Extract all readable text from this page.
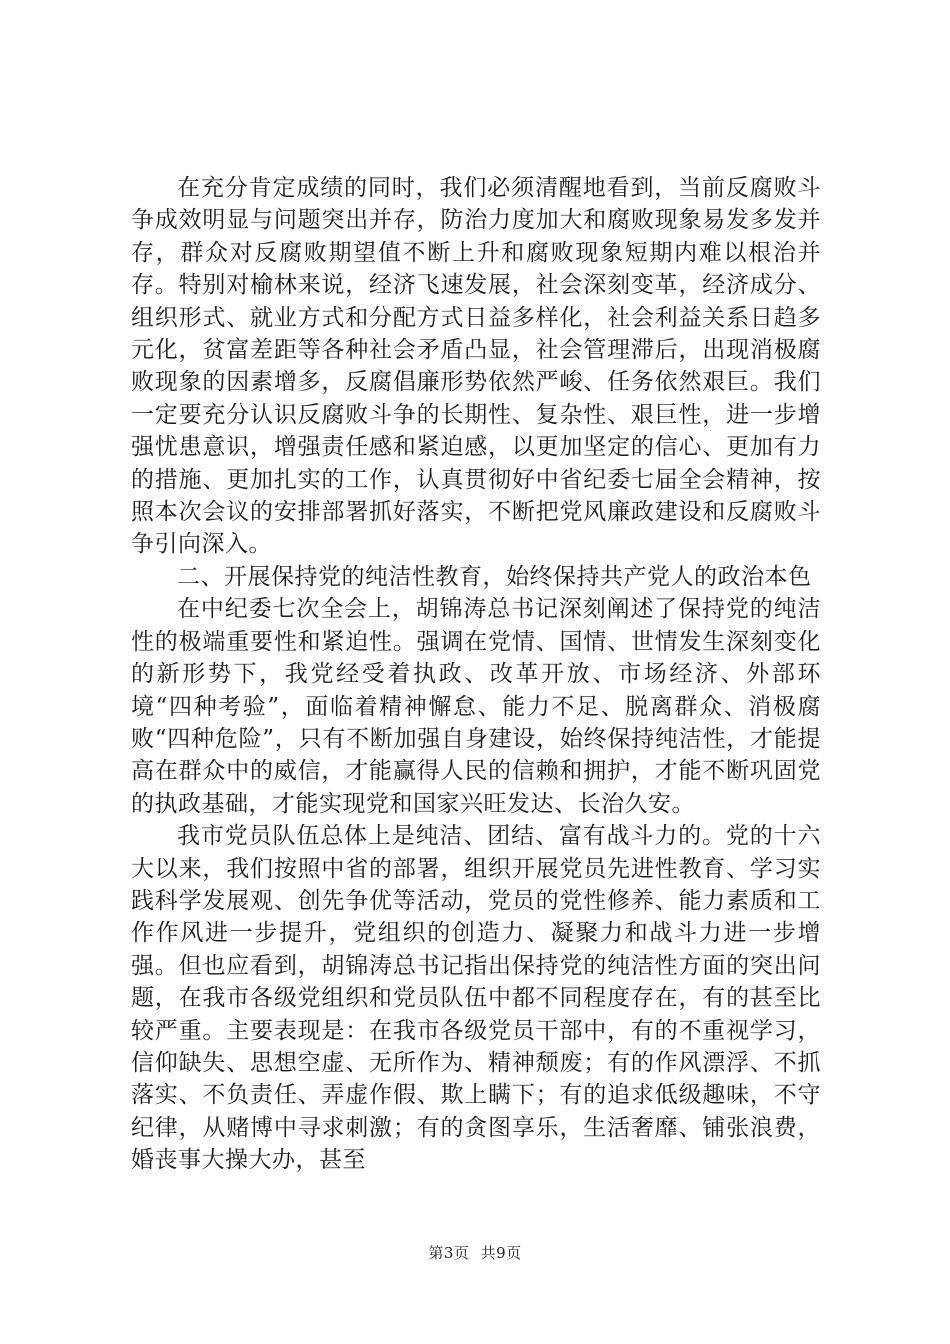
在充分肯定成绩的同时，我们必须清醒地看到，当前反腐败斗争成效明显与问题突出并存，防治力度加大和腐败现象易发多发并存，群众对反腐败期望值不断上升和腐败现象短期内难以根治并存。特别对榆林来说，经济飞速发展，社会深刻变革，经济成分、组织形式、就业方式和分配方式日益多样化，社会利益关系日趋多元化，贫富差距等各种社会矛盾凸显，社会管理滞后，出现消极腐败现象的因素增多，反腐倡廉形势依然严峻、任务依然艰巨。我们一定要充分认识反腐败斗争的长期性、复杂性、艰巨性，进一步增强忧患意识，增强责任感和紧迫感，以更加坚定的信心、更加有力的措施、更加扎实的工作，认真贯彻好中省纪委七届全会精神，按照本次会议的安排部署抓好落实，不断把党风廉政建设和反腐败斗争引向深入。

二、开展保持党的纯洁性教育，始终保持共产党人的政治本色

在中纪委七次全会上，胡锦涛总书记深刻阐述了保持党的纯洁性的极端重要性和紧迫性。强调在党情、国情、世情发生深刻变化的新形势下，我党经受着执政、改革开放、市场经济、外部环境“四种考验”，面临着精神懈怠、能力不足、脱离群众、消极腐败“四种危险”，只有不断加强自身建设，始终保持纯洁性，才能提高在群众中的威信，才能赢得人民的信赖和拥护，才能不断巩固党的执政基础，才能实现党和国家兴旺发达、长治久安。

我市党员队伍总体上是纯洁、团结、富有战斗力的。党的十六大以来，我们按照中省的部署，组织开展党员先进性教育、学习实践科学发展观、创先争优等活动，党员的党性修养、能力素质和工作作风进一步提升，党组织的创造力、凝聚力和战斗力进一步增强。但也应看到，胡锦涛总书记指出保持党的纯洁性方面的突出问题，在我市各级党组织和党员队伍中都不同程度存在，有的甚至比较严重。主要表现是：在我市各级党员干部中，有的不重视学习，信仰缺失、思想空虚、无所作为、精神颓废；有的作风漂浮、不抓落实、不负责任、弄虚作假、欺上瞒下；有的追求低级趣味，不守纪律，从赌博中寻求刺激；有的贪图享乐，生活奢靡、铺张浪费，婚丧事大操大办，甚至

第3页 共9页
